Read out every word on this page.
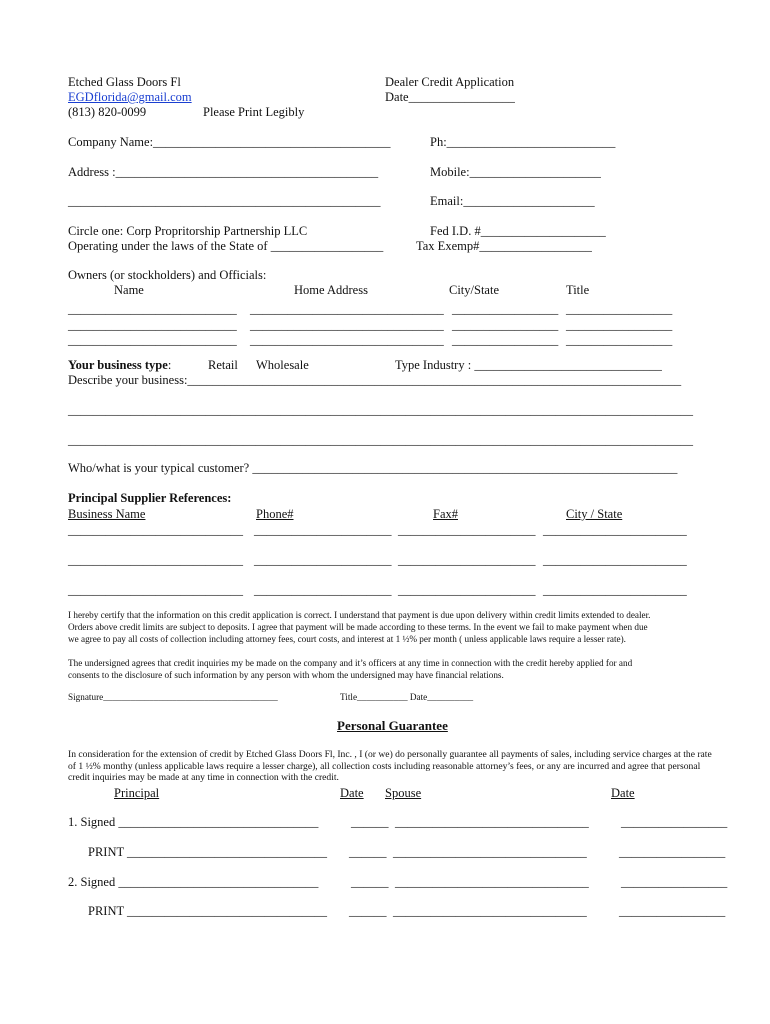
Etched Glass Doors Fl
EGDflorida@gmail.com
(813) 820-0099	Please Print Legibly
Dealer Credit Application
Date_________________
Company Name:______________________________________	Ph:___________________________
Address :__________________________________________	Mobile:_____________________
__________________________________________________	Email:_____________________
Circle one: Corp Propritorship Partnership LLC	Fed I.D. #____________________
Operating under the laws of the State of __________________	Tax Exemp#__________________
Owners (or stockholders) and Officials:
Name	Home Address	City/State	Title
___________________________ _______________________________ _________________ _________________
___________________________ _______________________________ _________________ _________________
___________________________ _______________________________ _________________ _________________
Your business type:	Retail Wholesale	Type Industry : ______________________________
Describe your business:_______________________________________________________________________________
____________________________________________________________________________________________________
____________________________________________________________________________________________________
Who/what is your typical customer? ____________________________________________________________________
Principal Supplier References:
Business Name	Phone#	Fax#	City / State
____________________________ ______________________ ______________________ _______________________
____________________________ ______________________ ______________________ _______________________
____________________________ ______________________ ______________________ _______________________
I hereby certify that the information on this credit application is correct. I understand that payment is due upon delivery within credit limits extended to dealer.
Orders above credit limits are subject to deposits. I agree that payment will be made according to these terms. In the event we fail to make payment when due
we agree to pay all costs of collection including attorney fees, court costs, and interest at 1 ½% per month ( unless applicable laws require a lesser rate).
The undersigned agrees that credit inquiries my be made on the company and it’s officers at any time in connection with the credit hereby applied for and
consents to the disclosure of such information by any person with whom the undersigned may have financial relations.
Signature______________________________________	Title___________ Date__________
Personal Guarantee
In consideration for the extension of credit by Etched Glass Doors Fl, Inc. , I (or we) do personally guarantee all payments of sales, including service charges at the rate
of 1 ½% monthy (unless applicable laws require a lesser charge), all collection costs including reasonable attorney’s fees, or any are incurred and agree that personal
credit inquiries may be made at any time in connection with the credit.
Principal	Date Spouse	Date
1. Signed ________________________________	______ _______________________________	_________________
PRINT ________________________________ ______ _______________________________	_________________
2. Signed ________________________________	______ _______________________________	_________________
PRINT ________________________________ ______ _______________________________	_________________
